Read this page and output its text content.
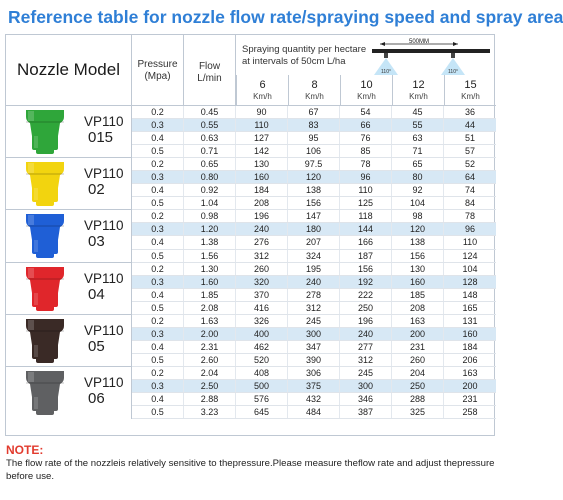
Reference table for nozzle flow rate/spraying speed and spray area
Nozzle Model	Pressure
(Mpa)
Flow
L/min
Spraying quantity per hectare
at intervals of 50cm L/ha
500MM
110°	110°
6
Km/h
8
Km/h
10
Km/h
12
Km/h
15
Km/h
VP110
015
VP110
02
VP110
03
VP110
04
VP110
05
VP110
06
0.2	0.45	90	67	54	45	36
0.3	0.55	110	83	66	55	44
0.4	0.63	127	95	76	63	51
0.5	0.71	142	106	85	71	57
0.2	0.65	130	97.5	78	65	52
0.3	0.80	160	120	96	80	64
0.4	0.92	184	138	110	92	74
0.5	1.04	208	156	125	104	84
0.2	0.98	196	147	118	98	78
0.3	1.20	240	180	144	120	96
0.4	1.38	276	207	166	138	110
0.5	1.56	312	324	187	156	124
0.2	1.30	260	195	156	130	104
0.3	1.60	320	240	192	160	128
0.4	1.85	370	278	222	185	148
0.5	2.08	416	312	250	208	165
0.2	1.63	326	245	196	163	131
0.3	2.00	400	300	240	200	160
0.4	2.31	462	347	277	231	184
0.5	2.60	520	390	312	260	206
0.2	2.04	408	306	245	204	163
0.3	2.50	500	375	300	250	200
0.4	2.88	576	432	346	288	231
0.5	3.23	645	484	387	325	258
NOTE:
The flow rate of the nozzleis relatively sensitive to thepressure.Please measure theflow rate and adjust thepressure before use.
